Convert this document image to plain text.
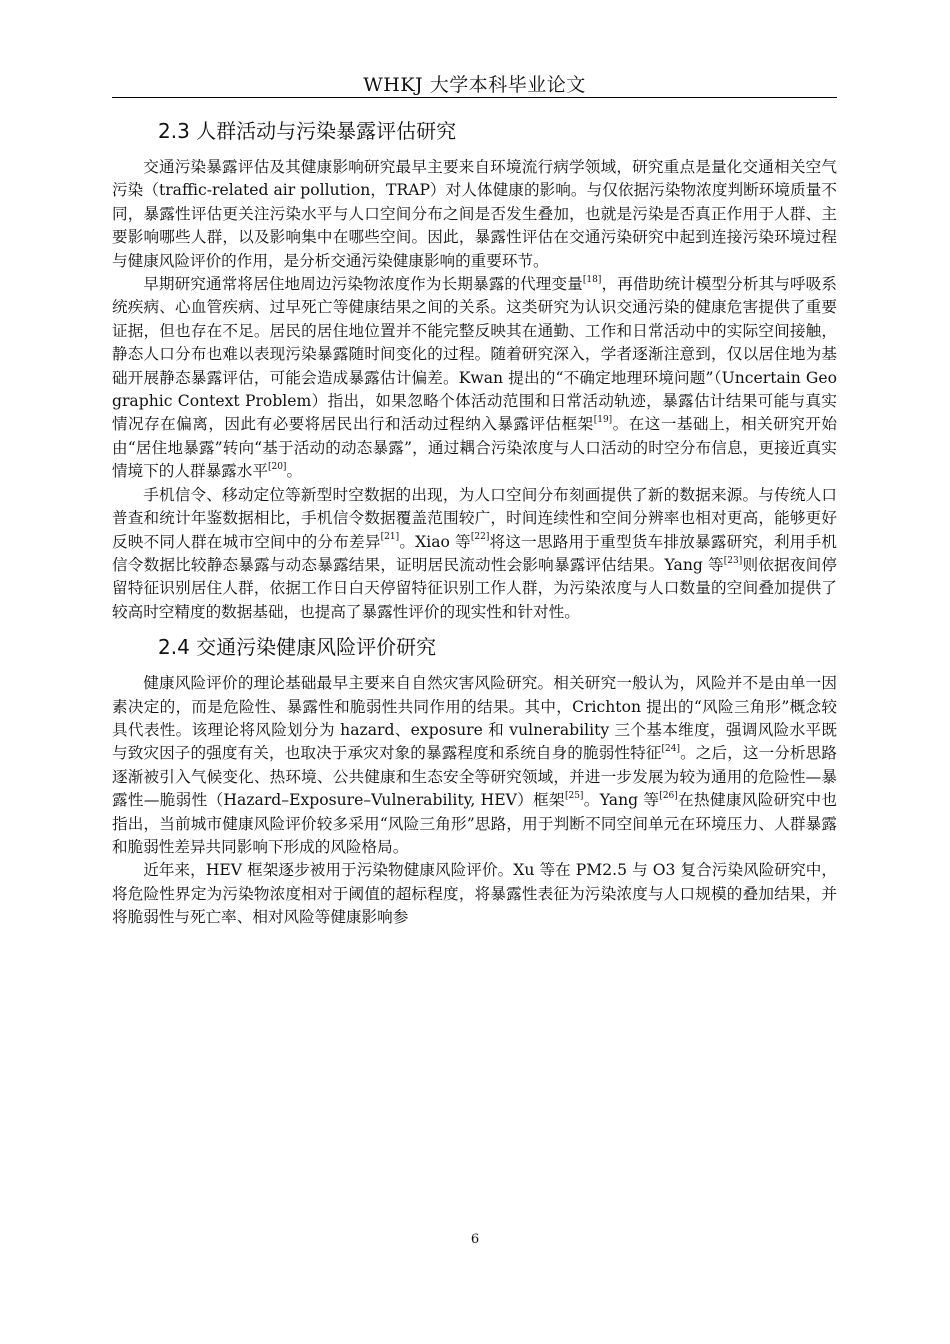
WHKJ 大学本科毕业论文
2.3 人群活动与污染暴露评估研究

交通污染暴露评估及其健康影响研究最早主要来自环境流行病学领域，研究重点是量化交通相关空气污染（traffic-related air pollution，TRAP）对人体健康的影响。与仅依据污染物浓度判断环境质量不同，暴露性评估更关注污染水平与人口空间分布之间是否发生叠加，也就是污染是否真正作用于人群、主要影响哪些人群，以及影响集中在哪些空间。因此，暴露性评估在交通污染研究中起到连接污染环境过程与健康风险评价的作用，是分析交通污染健康影响的重要环节。

早期研究通常将居住地周边污染物浓度作为长期暴露的代理变量[18]，再借助统计模型分析其与呼吸系统疾病、心血管疾病、过早死亡等健康结果之间的关系。这类研究为认识交通污染的健康危害提供了重要证据，但也存在不足。居民的居住地位置并不能完整反映其在通勤、工作和日常活动中的实际空间接触，静态人口分布也难以表现污染暴露随时间变化的过程。随着研究深入，学者逐渐注意到，仅以居住地为基础开展静态暴露评估，可能会造成暴露估计偏差。Kwan 提出的“不确定地理环境问题”（Uncertain Geographic Context Problem）指出，如果忽略个体活动范围和日常活动轨迹，暴露估计结果可能与真实情况存在偏离，因此有必要将居民出行和活动过程纳入暴露评估框架[19]。在这一基础上，相关研究开始由“居住地暴露”转向“基于活动的动态暴露”，通过耦合污染浓度与人口活动的时空分布信息，更接近真实情境下的人群暴露水平[20]。

手机信令、移动定位等新型时空数据的出现，为人口空间分布刻画提供了新的数据来源。与传统人口普查和统计年鉴数据相比，手机信令数据覆盖范围较广，时间连续性和空间分辨率也相对更高，能够更好反映不同人群在城市空间中的分布差异[21]。Xiao 等[22]将这一思路用于重型货车排放暴露研究，利用手机信令数据比较静态暴露与动态暴露结果，证明居民流动性会影响暴露评估结果。Yang 等[23]则依据夜间停留特征识别居住人群，依据工作日白天停留特征识别工作人群，为污染浓度与人口数量的空间叠加提供了较高时空精度的数据基础，也提高了暴露性评价的现实性和针对性。

2.4 交通污染健康风险评价研究

健康风险评价的理论基础最早主要来自自然灾害风险研究。相关研究一般认为，风险并不是由单一因素决定的，而是危险性、暴露性和脆弱性共同作用的结果。其中，Crichton 提出的“风险三角形”概念较具代表性。该理论将风险划分为 hazard、exposure 和 vulnerability 三个基本维度，强调风险水平既与致灾因子的强度有关，也取决于承灾对象的暴露程度和系统自身的脆弱性特征[24]。之后，这一分析思路逐渐被引入气候变化、热环境、公共健康和生态安全等研究领域，并进一步发展为较为通用的危险性—暴露性—脆弱性（Hazard–Exposure–Vulnerability, HEV）框架[25]。Yang 等[26]在热健康风险研究中也指出，当前城市健康风险评价较多采用“风险三角形”思路，用于判断不同空间单元在环境压力、人群暴露和脆弱性差异共同影响下形成的风险格局。

近年来，HEV 框架逐步被用于污染物健康风险评价。Xu 等在 PM2.5 与 O3 复合污染风险研究中，将危险性界定为污染物浓度相对于阈值的超标程度，将暴露性表征为污染浓度与人口规模的叠加结果，并将脆弱性与死亡率、相对风险等健康影响参

6
